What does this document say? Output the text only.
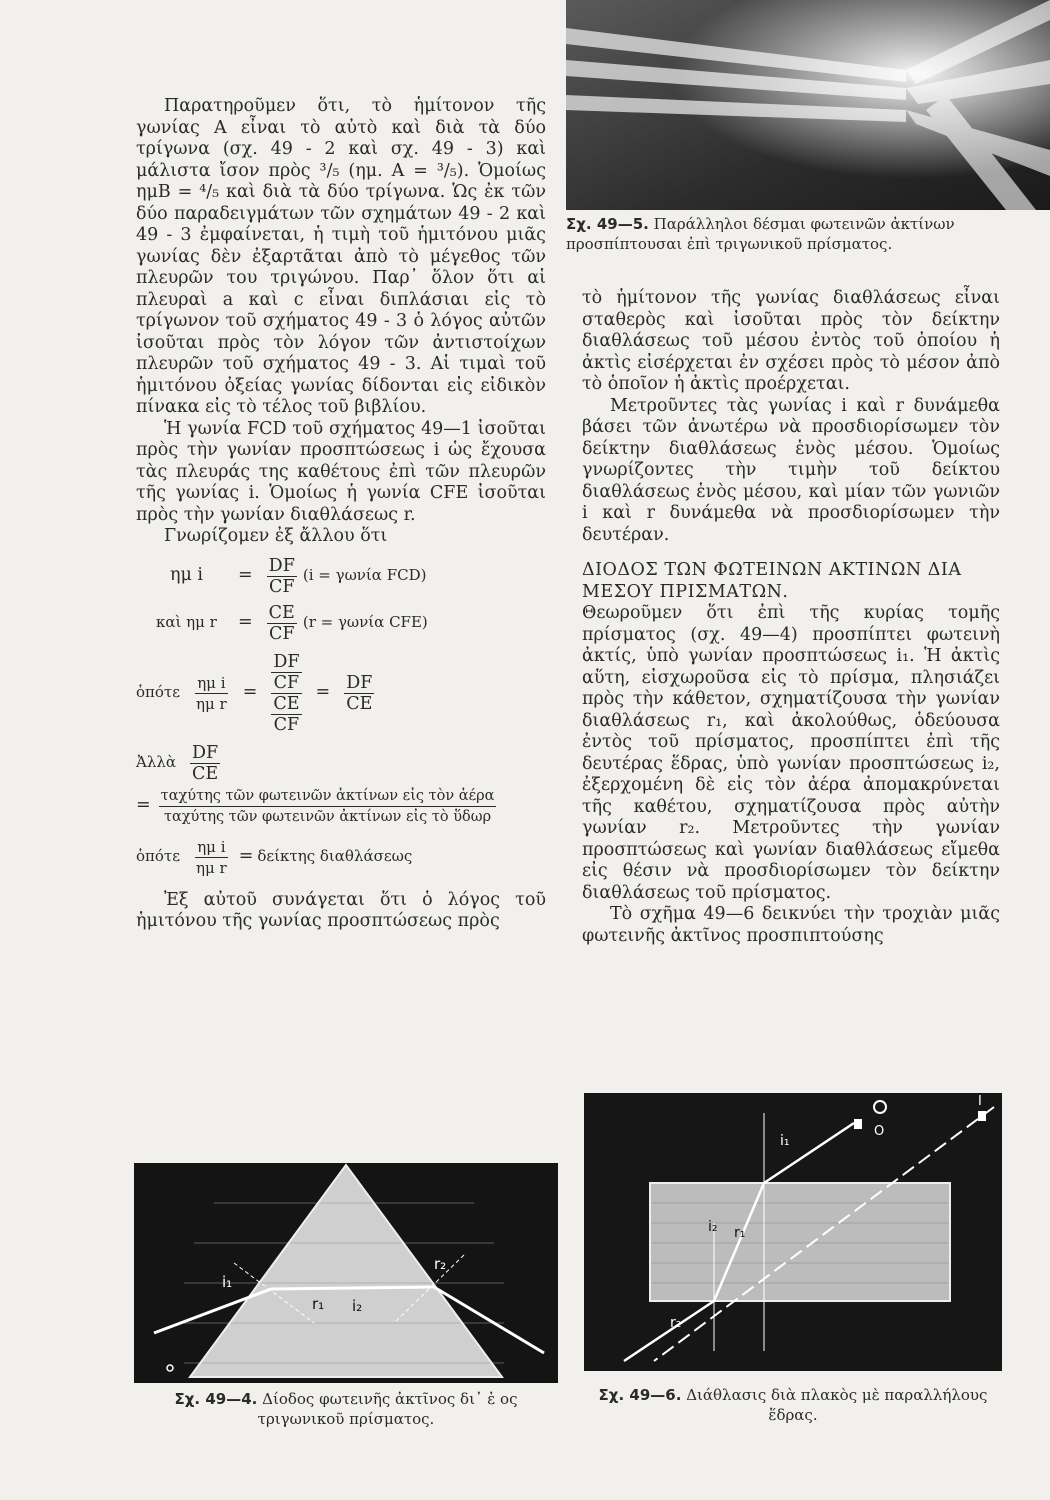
Σχ. 49—5. Παράλληλοι δέσμαι φωτεινῶν ἀκτίνων προσπίπτουσαι ἐπὶ τριγωνικοῦ πρίσματος.

Παρατηροῦμεν ὅτι, τὸ ἡμίτονον τῆς γωνίας Α εἶναι τὸ αὐτὸ καὶ διὰ τὰ δύο τρίγωνα (σχ. 49 - 2 καὶ σχ. 49 - 3) καὶ μάλιστα ἴσον πρὸς ³/₅ (ημ. Α = ³/₅). Ὁμοίως ημΒ = ⁴/₅ καὶ διὰ τὰ δύο τρίγωνα. Ὡς ἐκ τῶν δύο παραδειγμάτων τῶν σχημάτων 49 - 2 καὶ 49 - 3 ἐμφαίνεται, ἡ τιμὴ τοῦ ἡμιτόνου μιᾶς γωνίας δὲν ἐξαρτᾶται ἀπὸ τὸ μέγεθος τῶν πλευρῶν του τριγώνου. Παρ᾽ ὅλον ὅτι αἱ πλευραὶ a καὶ c εἶναι διπλάσιαι εἰς τὸ τρίγωνον τοῦ σχήματος 49 - 3 ὁ λόγος αὐτῶν ἰσοῦται πρὸς τὸν λόγον τῶν ἀντιστοίχων πλευρῶν τοῦ σχήματος 49 - 3. Αἱ τιμαὶ τοῦ ἡμιτόνου ὀξείας γωνίας δίδονται εἰς εἰδικὸν πίνακα εἰς τὸ τέλος τοῦ βιβλίου.

Ἡ γωνία FCD τοῦ σχήματος 49—1 ἰσοῦται πρὸς τὴν γωνίαν προσπτώσεως i ὡς ἔχουσα τὰς πλευράς της καθέτους ἐπὶ τῶν πλευρῶν τῆς γωνίας i. Ὁμοίως ἡ γωνία CFE ἰσοῦται πρὸς τὴν γωνίαν διαθλάσεως r.

Γνωρίζομεν ἐξ ἄλλου ὅτι

ημ i	= $\frac{DF}{CF} (i = \gamma\omega\nu ί\alpha$ FCD)
καὶ ημ r	= $\frac{CE}{CF} (r = \gamma\omega\nu ί\alpha$ CFE)
ὁπότε $\frac{\text{ημ i}}{\text{ημ r}} = \frac{\frac{DF}{CF}}{\frac{CE}{CF}} = \frac{DF}{CE}$
Ἀλλὰ $\frac{DF}{CE}$
= $\frac{\text{ταχύτης τῶν φωτεινῶν ἀκτίνων εἰς τὸν ἀέρα}}{\text{ταχύτης τῶν φωτεινῶν ἀκτίνων εἰς τὸ ὕδωρ}}$
ὁπότε $\frac{\text{ημ i}}{\text{ημ r}} = \delta\varepsilon ί\kappa\tau\eta\varsigma$ διαθλάσεως

Ἐξ αὐτοῦ συνάγεται ὅτι ὁ λόγος τοῦ ἡμιτόνου τῆς γωνίας προσπτώσεως πρὸς

τὸ ἡμίτονον τῆς γωνίας διαθλάσεως εἶναι σταθερὸς καὶ ἰσοῦται πρὸς τὸν δείκτην διαθλάσεως τοῦ μέσου ἐντὸς τοῦ ὁποίου ἡ ἀκτὶς εἰσέρχεται ἐν σχέσει πρὸς τὸ μέσον ἀπὸ τὸ ὁποῖον ἡ ἀκτὶς προέρχεται.

Μετροῦντες τὰς γωνίας i καὶ r δυνάμεθα βάσει τῶν ἀνωτέρω νὰ προσδιορίσωμεν τὸν δείκτην διαθλάσεως ἑνὸς μέσου. Ὁμοίως γνωρίζοντες τὴν τιμὴν τοῦ δείκτου διαθλάσεως ἑνὸς μέσου, καὶ μίαν τῶν γωνιῶν i καὶ r δυνάμεθα νὰ προσδιορίσωμεν τὴν δευτέραν.

ΔΙΟΔΟΣ ΤΩΝ ΦΩΤΕΙΝΩΝ ΑΚΤΙΝΩΝ ΔΙΑ ΜΕΣΟΥ ΠΡΙΣΜΑΤΩΝ.

Θεωροῦμεν ὅτι ἐπὶ τῆς κυρίας τομῆς πρίσματος (σχ. 49—4) προσπίπτει φωτεινὴ ἀκτίς, ὑπὸ γωνίαν προσπτώσεως i₁. Ἡ ἀκτὶς αὕτη, εἰσχωροῦσα εἰς τὸ πρίσμα, πλησιάζει πρὸς τὴν κάθετον, σχηματίζουσα τὴν γωνίαν διαθλάσεως r₁, καὶ ἀκολούθως, ὁδεύουσα ἐντὸς τοῦ πρίσματος, προσπίπτει ἐπὶ τῆς δευτέρας ἕδρας, ὑπὸ γωνίαν προσπτώσεως i₂, ἐξερχομένη δὲ εἰς τὸν ἀέρα ἀπομακρύνεται τῆς καθέτου, σχηματίζουσα πρὸς αὐτὴν γωνίαν r₂. Μετροῦντες τὴν γωνίαν προσπτώσεως καὶ γωνίαν διαθλάσεως εἴμεθα εἰς θέσιν νὰ προσδιορίσωμεν τὸν δείκτην διαθλάσεως τοῦ πρίσματος.

Τὸ σχῆμα 49—6 δεικνύει τὴν τροχιὰν μιᾶς φωτεινῆς ἀκτῖνος προσπιπτούσης

i₁
r₁ i₂
r₂
Σχ. 49—4. Δίοδος φωτεινῆς ἀκτῖνος δι᾽ ἑ ος τριγωνικοῦ πρίσματος.
O
I
i₁
i₂ r₁
r₂
Σχ. 49—6. Διάθλασις διὰ πλακὸς μὲ παραλλήλους ἕδρας.
